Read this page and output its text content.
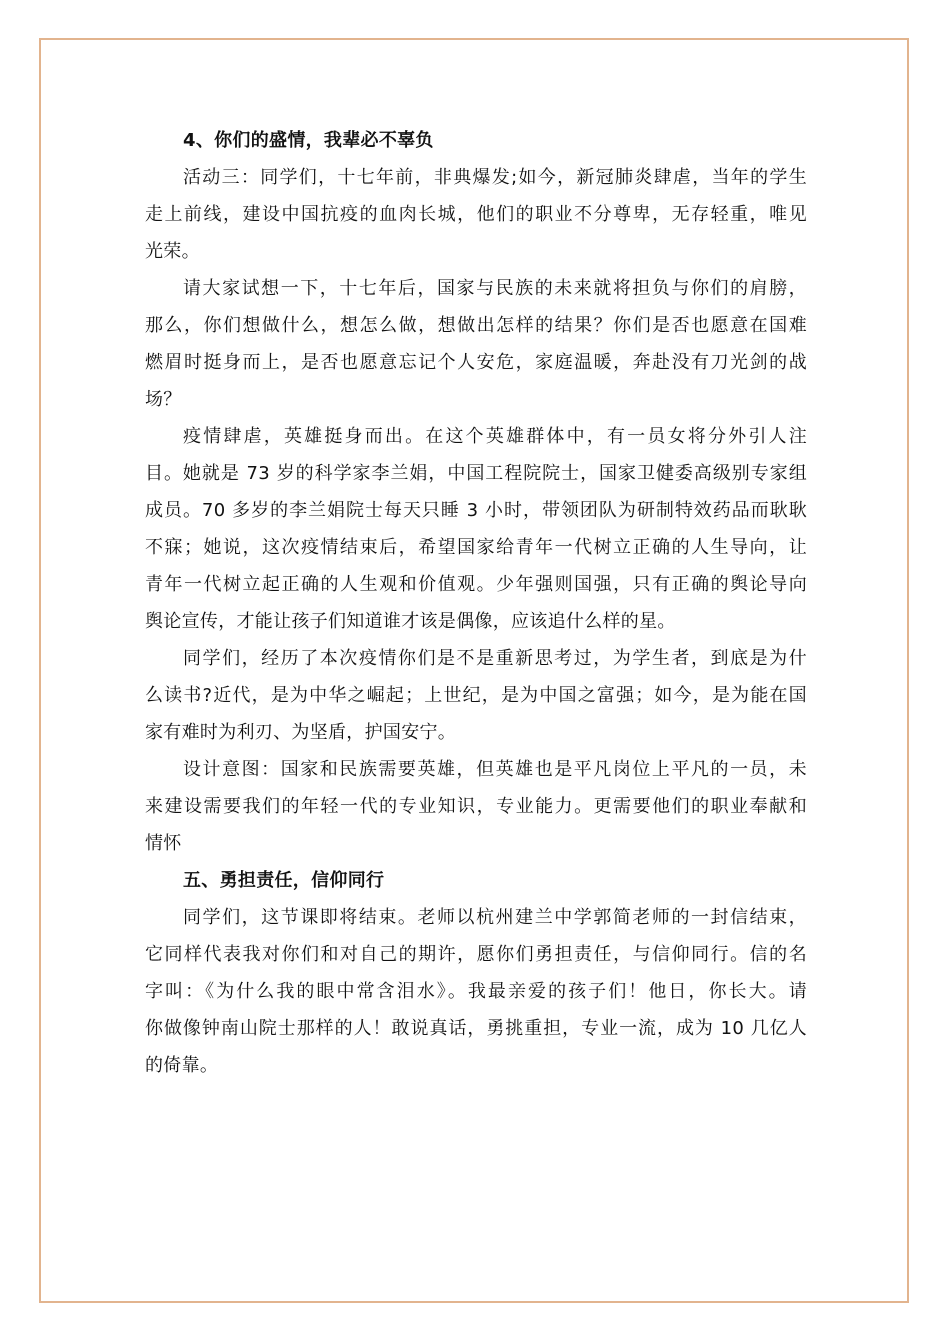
4、你们的盛情，我辈必不辜负
活动三：同学们，十七年前，非典爆发;如今，新冠肺炎肆虐，当年的学生
走上前线，建设中国抗疫的血肉长城，他们的职业不分尊卑，无存轻重，唯见
光荣。
请大家试想一下，十七年后，国家与民族的未来就将担负与你们的肩膀，
那么，你们想做什么，想怎么做，想做出怎样的结果？你们是否也愿意在国难
燃眉时挺身而上，是否也愿意忘记个人安危，家庭温暖，奔赴没有刀光剑的战
场？
疫情肆虐，英雄挺身而出。在这个英雄群体中，有一员女将分外引人注
目。她就是 73 岁的科学家李兰娟，中国工程院院士，国家卫健委高级别专家组
成员。70 多岁的李兰娟院士每天只睡 3 小时，带领团队为研制特效药品而耿耿
不寐；她说，这次疫情结束后，希望国家给青年一代树立正确的人生导向，让
青年一代树立起正确的人生观和价值观。少年强则国强，只有正确的舆论导向
舆论宣传，才能让孩子们知道谁才该是偶像，应该追什么样的星。
同学们，经历了本次疫情你们是不是重新思考过，为学生者，到底是为什
么读书?近代，是为中华之崛起；上世纪，是为中国之富强；如今，是为能在国
家有难时为利刃、为坚盾，护国安宁。
设计意图：国家和民族需要英雄，但英雄也是平凡岗位上平凡的一员，未
来建设需要我们的年轻一代的专业知识，专业能力。更需要他们的职业奉献和
情怀
五、勇担责任，信仰同行
同学们，这节课即将结束。老师以杭州建兰中学郭简老师的一封信结束，
它同样代表我对你们和对自己的期许，愿你们勇担责任，与信仰同行。信的名
字叫：《为什么我的眼中常含泪水》。我最亲爱的孩子们！他日，你长大。请
你做像钟南山院士那样的人！敢说真话，勇挑重担，专业一流，成为 10 几亿人
的倚靠。
